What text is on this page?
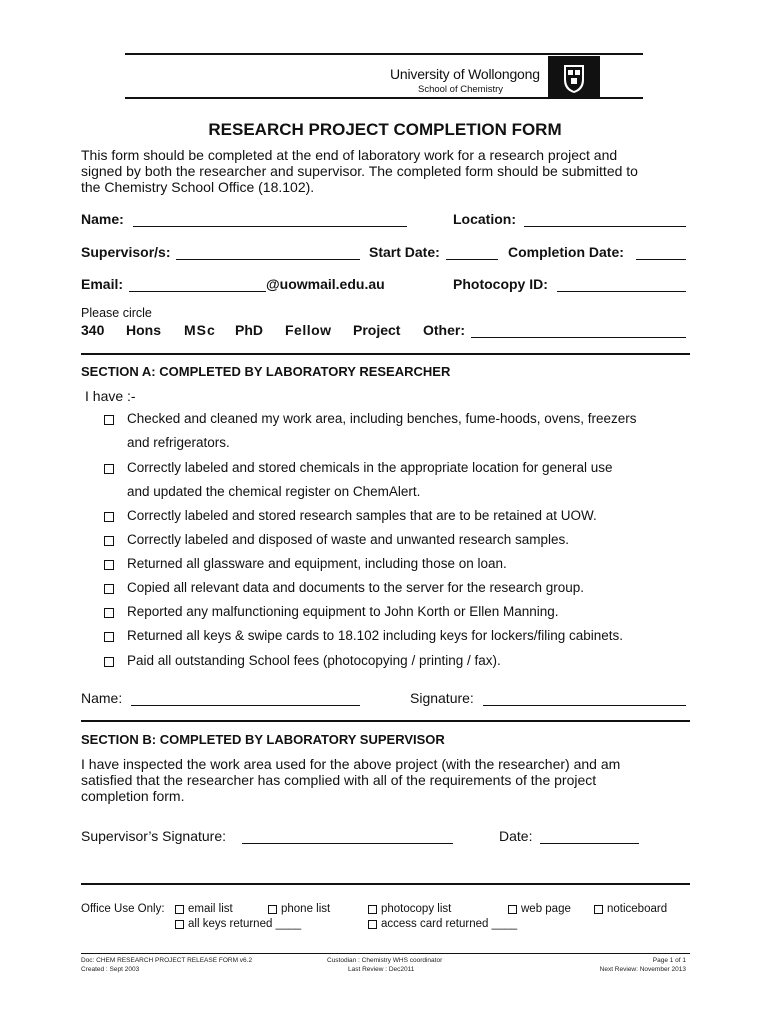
University of Wollongong
School of Chemistry
RESEARCH PROJECT COMPLETION FORM
This form should be completed at the end of laboratory work for a research project and
signed by both the researcher and supervisor. The completed form should be submitted to
the Chemistry School Office (18.102).
Name:	Location:
Supervisor/s:	Start Date:	Completion Date:
Email:	@uowmail.edu.au	Photocopy ID:
Please circle
340 Hons MSc PhD Fellow Project Other:
SECTION A: COMPLETED BY LABORATORY RESEARCHER
I have :-
Checked and cleaned my work area, including benches, fume-hoods, ovens, freezers
and refrigerators.
Correctly labeled and stored chemicals in the appropriate location for general use
and updated the chemical register on ChemAlert.
Correctly labeled and stored research samples that are to be retained at UOW.
Correctly labeled and disposed of waste and unwanted research samples.
Returned all glassware and equipment, including those on loan.
Copied all relevant data and documents to the server for the research group.
Reported any malfunctioning equipment to John Korth or Ellen Manning.
Returned all keys & swipe cards to 18.102 including keys for lockers/filing cabinets.
Paid all outstanding School fees (photocopying / printing / fax).
Name:	Signature:
SECTION B: COMPLETED BY LABORATORY SUPERVISOR
I have inspected the work area used for the above project (with the researcher) and am
satisfied that the researcher has complied with all of the requirements of the project
completion form.
Supervisor’s Signature:	Date:
Office Use Only: email list	phone list	photocopy list	web page	noticeboard
all keys returned ____	access card returned ____
Doc: CHEM RESEARCH PROJECT RELEASE FORM v6.2
Created : Sept 2003
Custodian : Chemistry WHS coordinator
Last Review : Dec2011
Page 1 of 1
Next Review: November 2013
